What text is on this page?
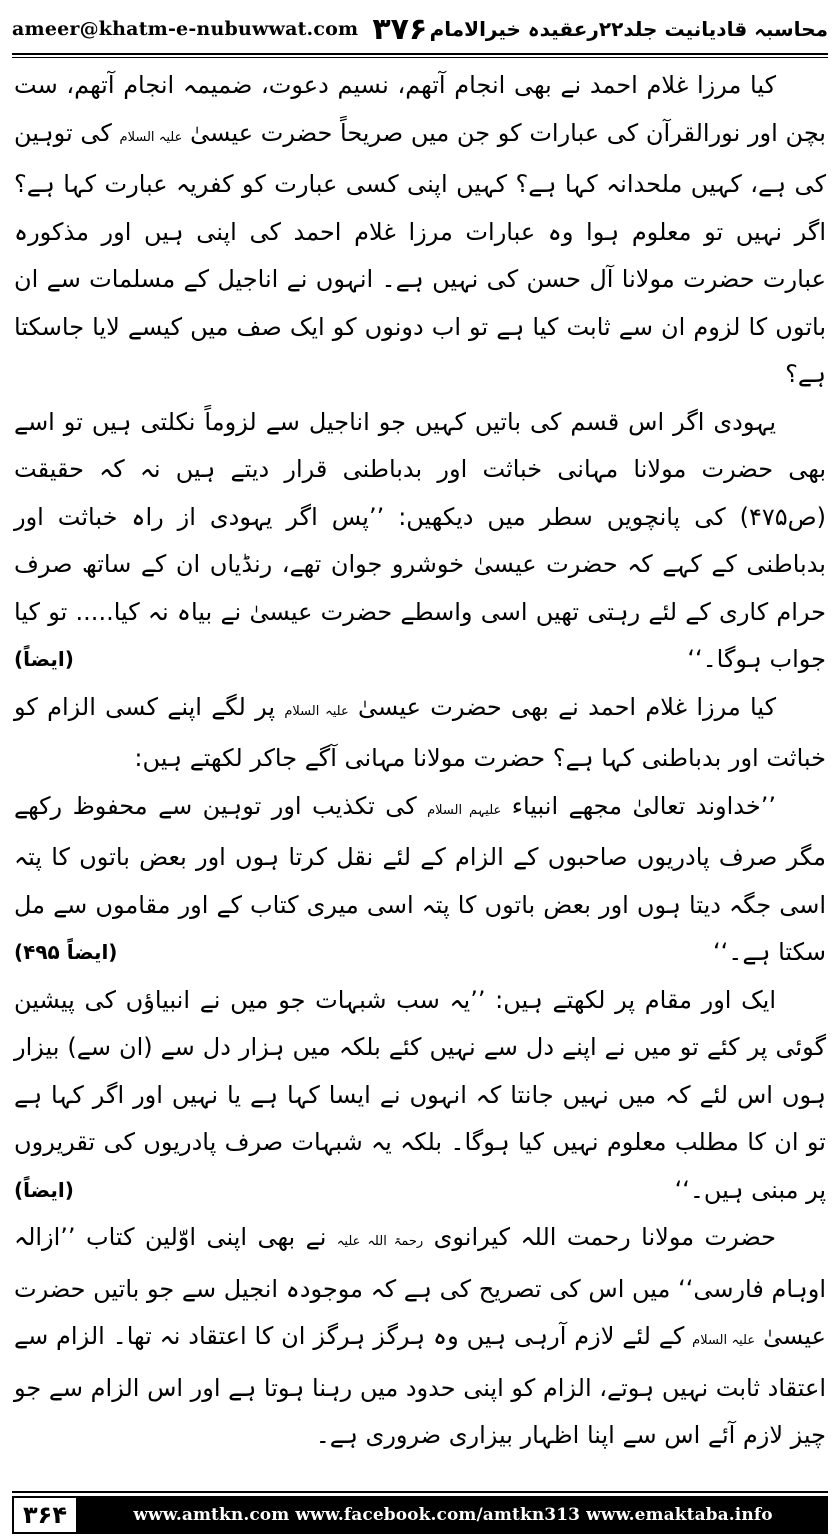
ameer@khatm-e-nubuwwat.com ۳۷۶ محاسبہ قادیانیت جلد۲۲رعقیدہ خیرالامام

کیا مرزا غلام احمد نے بھی انجام آتھم، نسیم دعوت، ضمیمہ انجام آتھم، ست بچن اور نورالقرآن کی عبارات کو جن میں صریحاً حضرت عیسیٰ علیہ السلام کی توہین کی ہے، کہیں ملحدانہ کہا ہے؟ کہیں اپنی کسی عبارت کو کفریہ عبارت کہا ہے؟ اگر نہیں تو معلوم ہوا وہ عبارات مرزا غلام احمد کی اپنی ہیں اور مذکورہ عبارت حضرت مولانا آل حسن کی نہیں ہے۔ انہوں نے اناجیل کے مسلمات سے ان باتوں کا لزوم ان سے ثابت کیا ہے تو اب دونوں کو ایک صف میں کیسے لایا جاسکتا ہے؟

یہودی اگر اس قسم کی باتیں کہیں جو اناجیل سے لزوماً نکلتی ہیں تو اسے بھی حضرت مولانا مہانی خباثت اور بدباطنی قرار دیتے ہیں نہ کہ حقیقت (ص۴۷۵) کی پانچویں سطر میں دیکھیں: ’’پس اگر یہودی از راہ خباثت اور بدباطنی کے کہے کہ حضرت عیسیٰ خوشرو جوان تھے، رنڈیاں ان کے ساتھ صرف حرام کاری کے لئے رہتی تھیں اسی واسطے حضرت عیسیٰ نے بیاہ نہ کیا..... تو کیا جواب ہوگا۔‘‘
(ایضاً)

کیا مرزا غلام احمد نے بھی حضرت عیسیٰ علیہ السلام پر لگے اپنے کسی الزام کو خباثت اور بدباطنی کہا ہے؟ حضرت مولانا مہانی آگے جاکر لکھتے ہیں:

’’خداوند تعالیٰ مجھے انبیاء علیہم السلام کی تکذیب اور توہین سے محفوظ رکھے مگر صرف پادریوں صاحبوں کے الزام کے لئے نقل کرتا ہوں اور بعض باتوں کا پتہ اسی جگہ دیتا ہوں اور بعض باتوں کا پتہ اسی میری کتاب کے اور مقاموں سے مل سکتا ہے۔‘‘
(ایضاً ۴۹۵)

ایک اور مقام پر لکھتے ہیں: ’’یہ سب شبہات جو میں نے انبیاؤں کی پیشین گوئی پر کئے تو میں نے اپنے دل سے نہیں کئے بلکہ میں ہزار دل سے (ان سے) بیزار ہوں اس لئے کہ میں نہیں جانتا کہ انہوں نے ایسا کہا ہے یا نہیں اور اگر کہا ہے تو ان کا مطلب معلوم نہیں کیا ہوگا۔ بلکہ یہ شبہات صرف پادریوں کی تقریروں پر مبنی ہیں۔‘‘
(ایضاً)

حضرت مولانا رحمت اللہ کیرانوی رحمۃ اللہ علیہ نے بھی اپنی اوّلین کتاب ’’ازالہ اوہام فارسی‘‘ میں اس کی تصریح کی ہے کہ موجودہ انجیل سے جو باتیں حضرت عیسیٰ علیہ السلام کے لئے لازم آرہی ہیں وہ ہرگز ہرگز ان کا اعتقاد نہ تھا۔ الزام سے اعتقاد ثابت نہیں ہوتے، الزام کو اپنی حدود میں رہنا ہوتا ہے اور اس الزام سے جو چیز لازم آئے اس سے اپنا اظہار بیزاری ضروری ہے۔

۳۶۴	www.amtkn.com www.facebook.com/amtkn313 www.emaktaba.info
